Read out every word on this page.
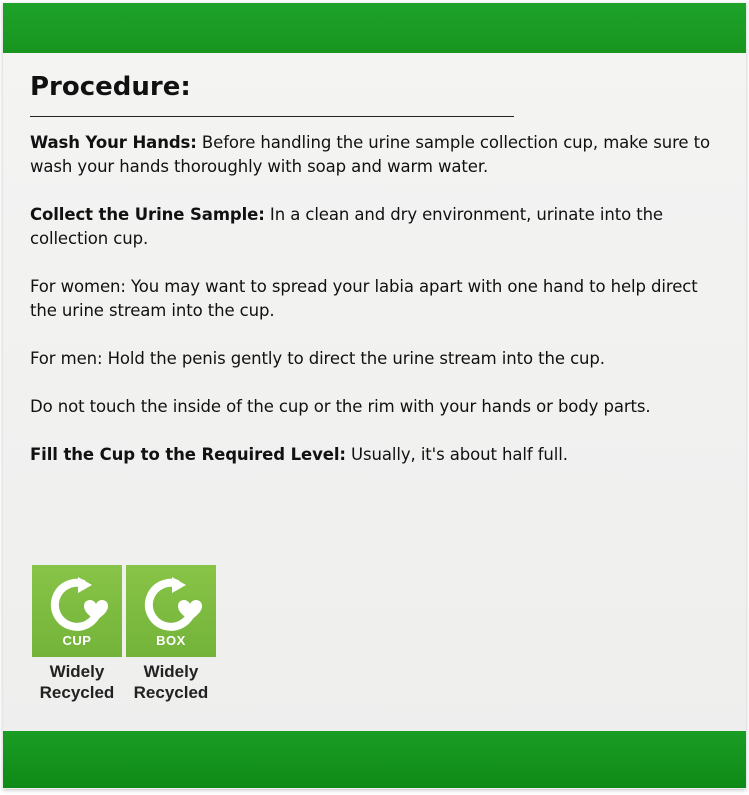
Procedure:

Wash Your Hands: Before handling the urine sample collection cup, make sure to wash your hands thoroughly with soap and warm water.

Collect the Urine Sample: In a clean and dry environment, urinate into the collection cup.

For women: You may want to spread your labia apart with one hand to help direct the urine stream into the cup.

For men: Hold the penis gently to direct the urine stream into the cup.

Do not touch the inside of the cup or the rim with your hands or body parts.

Fill the Cup to the Required Level: Usually, it's about half full.

CUP
Widely
Recycled
BOX
Widely
Recycled
